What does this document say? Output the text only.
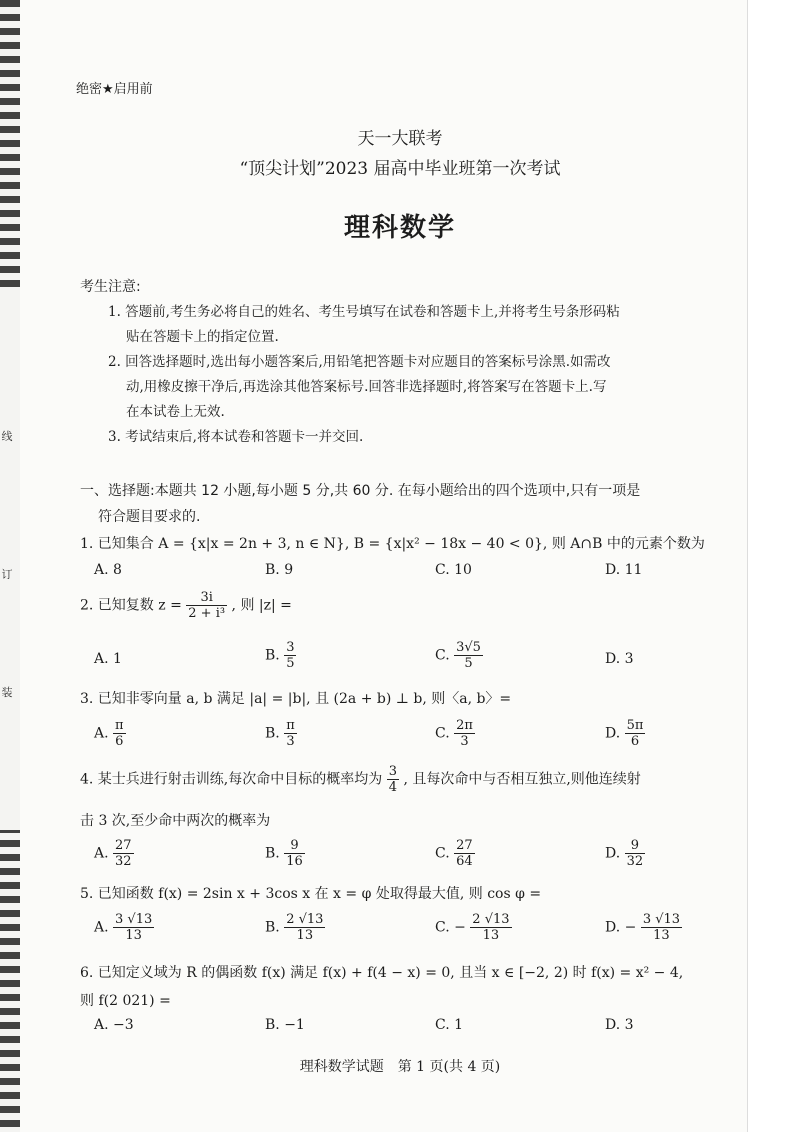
线
订
装
绝密★启用前
天一大联考
“顶尖计划”2023 届高中毕业班第一次考试
理科数学
考生注意:
1. 答题前,考生务必将自己的姓名、考生号填写在试卷和答题卡上,并将考生号条形码粘
贴在答题卡上的指定位置.
2. 回答选择题时,选出每小题答案后,用铅笔把答题卡对应题目的答案标号涂黑.如需改
动,用橡皮擦干净后,再选涂其他答案标号.回答非选择题时,将答案写在答题卡上.写
在本试卷上无效.
3. 考试结束后,将本试卷和答题卡一并交回.
一、选择题:本题共 12 小题,每小题 5 分,共 60 分. 在每小题给出的四个选项中,只有一项是
符合题目要求的.
1. 已知集合 A = {x|x = 2n + 3, n ∈ N}, B = {x|x² − 18x − 40 < 0}, 则 A∩B 中的元素个数为
A. 8	B. 9	C. 10	D. 11
2. 已知复数 $z = \frac{3i}{\text{2 + i³}}$ , 则 |z| =
A. 1	B. $\frac{3}{5}$	C. $\frac{3√5}{5}$	D. 3
3. 已知非零向量 a, b 满足 |a| = |b|, 且 (2a + b) ⊥ b, 则〈a, b〉=
A. $\frac{\pi}{6}$	B. $\frac{\pi}{3}$	C. $\frac{2\pi}{3}$	D. $\frac{5\pi}{6}$
4. 某士兵进行射击训练,每次命中目标的概率均为 $\frac{3}{4}$ , 且每次命中与否相互独立,则他连续射
击 3 次,至少命中两次的概率为
A. $\frac{27}{32}$	B. $\frac{9}{16}$	C. $\frac{27}{64}$	D. $\frac{9}{32}$
5. 已知函数 f(x) = 2sin x + 3cos x 在 x = φ 处取得最大值, 则 cos φ =
A. $\frac{3 √13}{13}$	B. $\frac{2 √13}{13}$	C. − $\frac{2 √13}{13}$	D. − $\frac{3 √13}{13}$
6. 已知定义域为 R 的偶函数 f(x) 满足 f(x) + f(4 − x) = 0, 且当 x ∈ [−2, 2) 时 f(x) = x² − 4,
则 f(2 021) =
A. −3	B. −1	C. 1	D. 3
理科数学试题　第 1 页(共 4 页)
